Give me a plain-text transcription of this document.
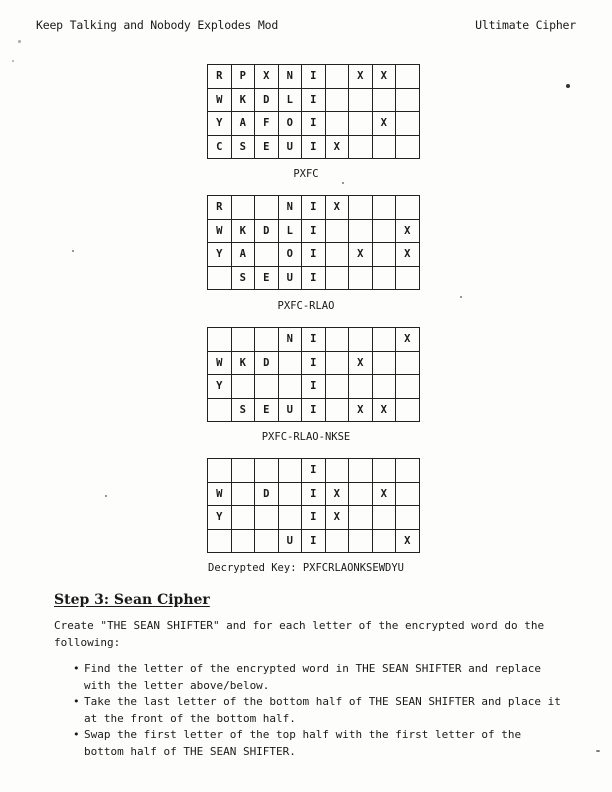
Keep Talking and Nobody Explodes Mod	Ultimate Cipher
R	P	X	N	I		X	X	
W	K	D	L	I				
Y	A	F	O	I			X	
C	S	E	U	I	X			
PXFC
R			N	I	X			
W	K	D	L	I				X
Y	A		O	I		X		X
	S	E	U	I				
PXFC-RLAO
			N	I				X
W	K	D		I		X		
Y				I				
	S	E	U	I		X	X	
PXFC-RLAO-NKSE
				I				
W		D		I	X		X	
Y				I	X			
			U	I				X
Decrypted Key: PXFCRLAONKSEWDYU
Step 3: Sean Cipher
Create "THE SEAN SHIFTER" and for each letter of the encrypted word do the following:
• Find the letter of the encrypted word in THE SEAN SHIFTER and replace with the letter above/below.
• Take the last letter of the bottom half of THE SEAN SHIFTER and place it at the front of the bottom half.
• Swap the first letter of the top half with the first letter of the bottom half of THE SEAN SHIFTER.
